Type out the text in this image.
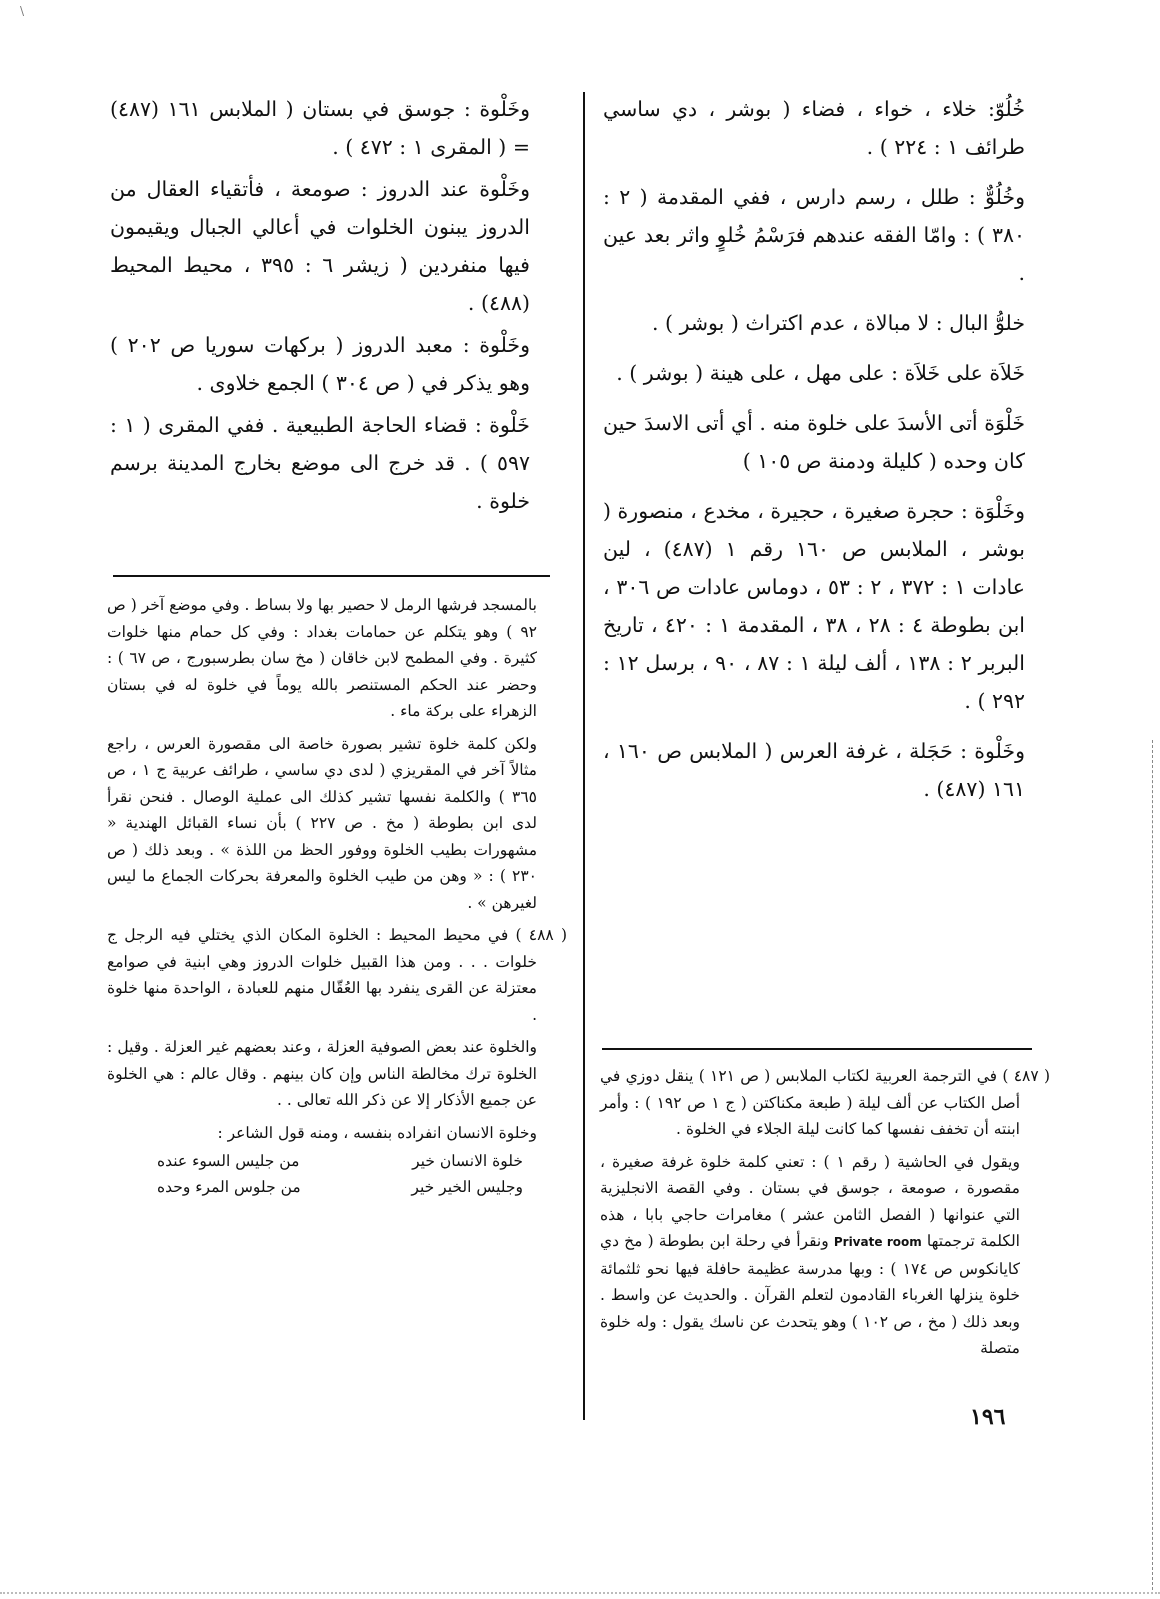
\

خُلُوّ: خلاء ، خواء ، فضاء ( بوشر ، دي ساسي طرائف ١ : ٢٢٤ ) .

وخُلُوٌّ : طلل ، رسم دارس ، ففي المقدمة ( ٢ : ٣٨٠ ) : وامّا الفقه عندهم فرَسْمُ خُلوٍ واثر بعد عين .

خلوُّ البال : لا مبالاة ، عدم اكتراث ( بوشر ) .

خَلاَة على خَلاَة : على مهل ، على هينة ( بوشر ) .

خَلْوَة أتى الأسدَ على خلوة منه . أي أتى الاسدَ حين كان وحده ( كليلة ودمنة ص ١٠٥ )

وخَلْوَة : حجرة صغيرة ، حجيرة ، مخدع ، منصورة ( بوشر ، الملابس ص ١٦٠ رقم ١ (٤٨٧) ، لين عادات ١ : ٣٧٢ ، ٢ : ٥٣ ، دوماس عادات ص ٣٠٦ ، ابن بطوطة ٤ : ٢٨ ، ٣٨ ، المقدمة ١ : ٤٢٠ ، تاريخ البربر ٢ : ١٣٨ ، ألف ليلة ١ : ٨٧ ، ٩٠ ، برسل ١٢ : ٢٩٢ ) .

وخَلْوة : حَجَلة ، غرفة العرس ( الملابس ص ١٦٠ ، ١٦١ (٤٨٧) .

وخَلْوة : جوسق في بستان ( الملابس ١٦١ (٤٨٧) = ( المقرى ١ : ٤٧٢ ) .

وخَلْوة عند الدروز : صومعة ، فأتقياء العقال من الدروز يبنون الخلوات في أعالي الجبال ويقيمون فيها منفردين ( زيشر ٦ : ٣٩٥ ، محيط المحيط (٤٨٨) .

وخَلْوة : معبد الدروز ( بركهات سوريا ص ٢٠٢ ) وهو يذكر في ( ص ٣٠٤ ) الجمع خلاوى .

خَلْوة : قضاء الحاجة الطبيعية . ففي المقرى ( ١ : ٥٩٧ ) . قد خرج الى موضع بخارج المدينة برسم خلوة .

( ٤٨٧ ) في الترجمة العربية لكتاب الملابس ( ص ١٢١ ) ينقل دوزي في أصل الكتاب عن ألف ليلة ( طبعة مكناكتن ( ج ١ ص ١٩٢ ) : وأمر ابنته أن تخفف نفسها كما كانت ليلة الجلاء في الخلوة .

ويقول في الحاشية ( رقم ١ ) : تعني كلمة خلوة غرفة صغيرة ، مقصورة ، صومعة ، جوسق في بستان . وفي القصة الانجليزية التي عنوانها ( الفصل الثامن عشر ) مغامرات حاجي بابا ، هذه الكلمة ترجمتها Private room ونقرأ في رحلة ابن بطوطة ( مخ دي كايانكوس ص ١٧٤ ) : وبها مدرسة عظيمة حافلة فيها نحو ثلثمائة خلوة ينزلها الغرباء القادمون لتعلم القرآن . والحديث عن واسط . وبعد ذلك ( مخ ، ص ١٠٢ ) وهو يتحدث عن ناسك يقول : وله خلوة متصلة

بالمسجد فرشها الرمل لا حصير بها ولا بساط . وفي موضع آخر ( ص ٩٢ ) وهو يتكلم عن حمامات بغداد : وفي كل حمام منها خلوات كثيرة . وفي المطمح لابن خاقان ( مخ سان بطرسبورج ، ص ٦٧ ) : وحضر عند الحكم المستنصر بالله يوماً في خلوة له في بستان الزهراء على بركة ماء .

ولكن كلمة خلوة تشير بصورة خاصة الى مقصورة العرس ، راجع مثالاً آخر في المقريزي ( لدى دي ساسي ، طرائف عربية ج ١ ، ص ٣٦٥ ) والكلمة نفسها تشير كذلك الى عملية الوصال . فنحن نقرأ لدى ابن بطوطة ( مخ . ص ٢٢٧ ) بأن نساء القبائل الهندية « مشهورات بطيب الخلوة ووفور الحظ من اللذة » . وبعد ذلك ( ص ٢٣٠ ) : « وهن من طيب الخلوة والمعرفة بحركات الجماع ما ليس لغيرهن » .

( ٤٨٨ ) في محيط المحيط : الخلوة المكان الذي يختلي فيه الرجل ج خلوات . . . ومن هذا القبيل خلوات الدروز وهي ابنية في صوامع معتزلة عن القرى ينفرد بها العُقّال منهم للعبادة ، الواحدة منها خلوة .

والخلوة عند بعض الصوفية العزلة ، وعند بعضهم غير العزلة . وقيل : الخلوة ترك مخالطة الناس وإن كان بينهم . وقال عالم : هي الخلوة عن جميع الأذكار إلا عن ذكر الله تعالى . .

وخلوة الانسان انفراده بنفسه ، ومنه قول الشاعر :

خلوة الانسان خير
من جليس السوء عنده
وجليس الخير خير
من جلوس المرء وحده
١٩٦
